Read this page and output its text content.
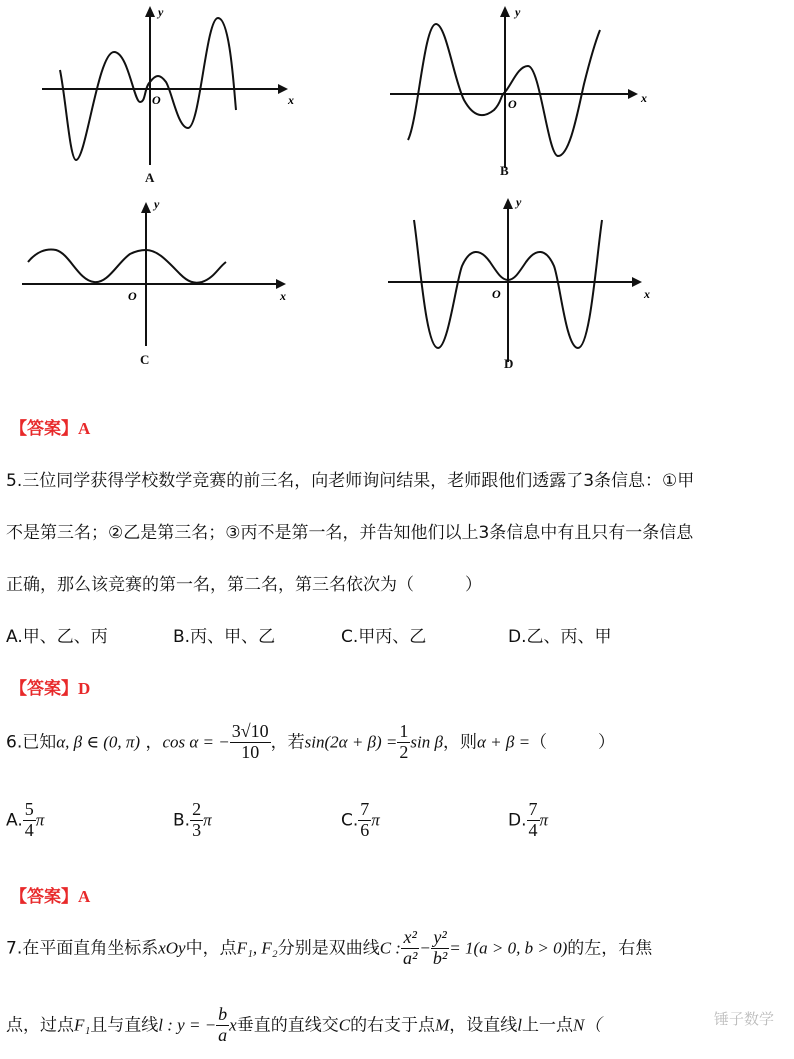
y
x
O
A
y
x
O
B
y
x
O
C
y
x
O
D
【答案】A
5.三位同学获得学校数学竞赛的前三名，向老师询问结果，老师跟他们透露了3条信息：①甲
不是第三名；②乙是第三名；③丙不是第一名，并告知他们以上3条信息中有且只有一条信息
正确，那么该竞赛的第一名，第二名，第三名依次为（　　　）
A.甲、乙、丙	B.丙、甲、乙	C.甲丙、乙	D.乙、丙、甲
【答案】D
6.已知α, β ∈ (0, π) ，cos α = − $\frac{3√10}{10}$ ，若$\sin(2\alpha + \beta) = \frac{1}{2}$ sin β，则α + β =（　　　）
A. $\frac{5}{4}$ π	B. $\frac{2}{3}$ π	C. $\frac{7}{6}$ π	D. $\frac{7}{4}$ π
【答案】A
7.在平面直角坐标系xOy中，点F₁, F₂分别是双曲线C : $\frac{\text{x²}}{\text{a²}} - \frac{\text{y²}}{\text{b²}} = 1(a > 0$, b > 0)的左，右焦
点，过点F₁且与直线l : y = − $\frac{b}{a}$ x垂直的直线交C的右支于点M，设直线l上一点N（	锤子数学
